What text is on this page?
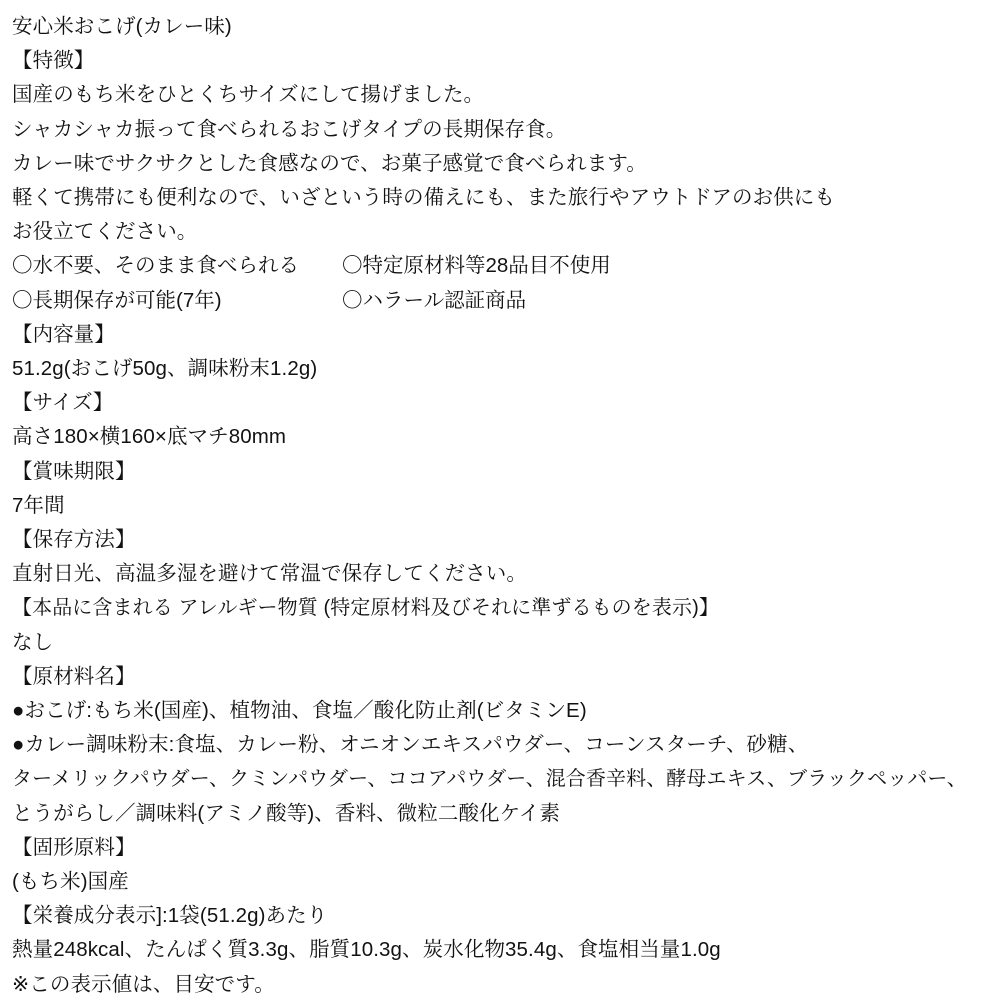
安心米おこげ(カレー味)
【特徴】
国産のもち米をひとくちサイズにして揚げました。
シャカシャカ振って食べられるおこげタイプの長期保存食。
カレー味でサクサクとした食感なので、お菓子感覚で食べられます。
軽くて携帯にも便利なので、いざという時の備えにも、また旅行やアウトドアのお供にも
お役立てください。
〇水不要、そのまま食べられる	〇特定原材料等28品目不使用
〇長期保存が可能(7年)	〇ハラール認証商品
【内容量】
51.2g(おこげ50g、調味粉末1.2g)
【サイズ】
高さ180×横160×底マチ80mm
【賞味期限】
7年間
【保存方法】
直射日光、高温多湿を避けて常温で保存してください。
【本品に含まれる アレルギー物質 (特定原材料及びそれに準ずるものを表示)】
なし
【原材料名】
●おこげ:もち米(国産)、植物油、食塩／酸化防止剤(ビタミンE)
●カレー調味粉末:食塩、カレー粉、オニオンエキスパウダー、コーンスターチ、砂糖、
ターメリックパウダー、クミンパウダー、ココアパウダー、混合香辛料、酵母エキス、ブラックペッパー、
とうがらし／調味料(アミノ酸等)、香料、微粒二酸化ケイ素
【固形原料】
(もち米)国産
【栄養成分表示]:1袋(51.2g)あたり
熱量248kcal、たんぱく質3.3g、脂質10.3g、炭水化物35.4g、食塩相当量1.0g
※この表示値は、目安です。
